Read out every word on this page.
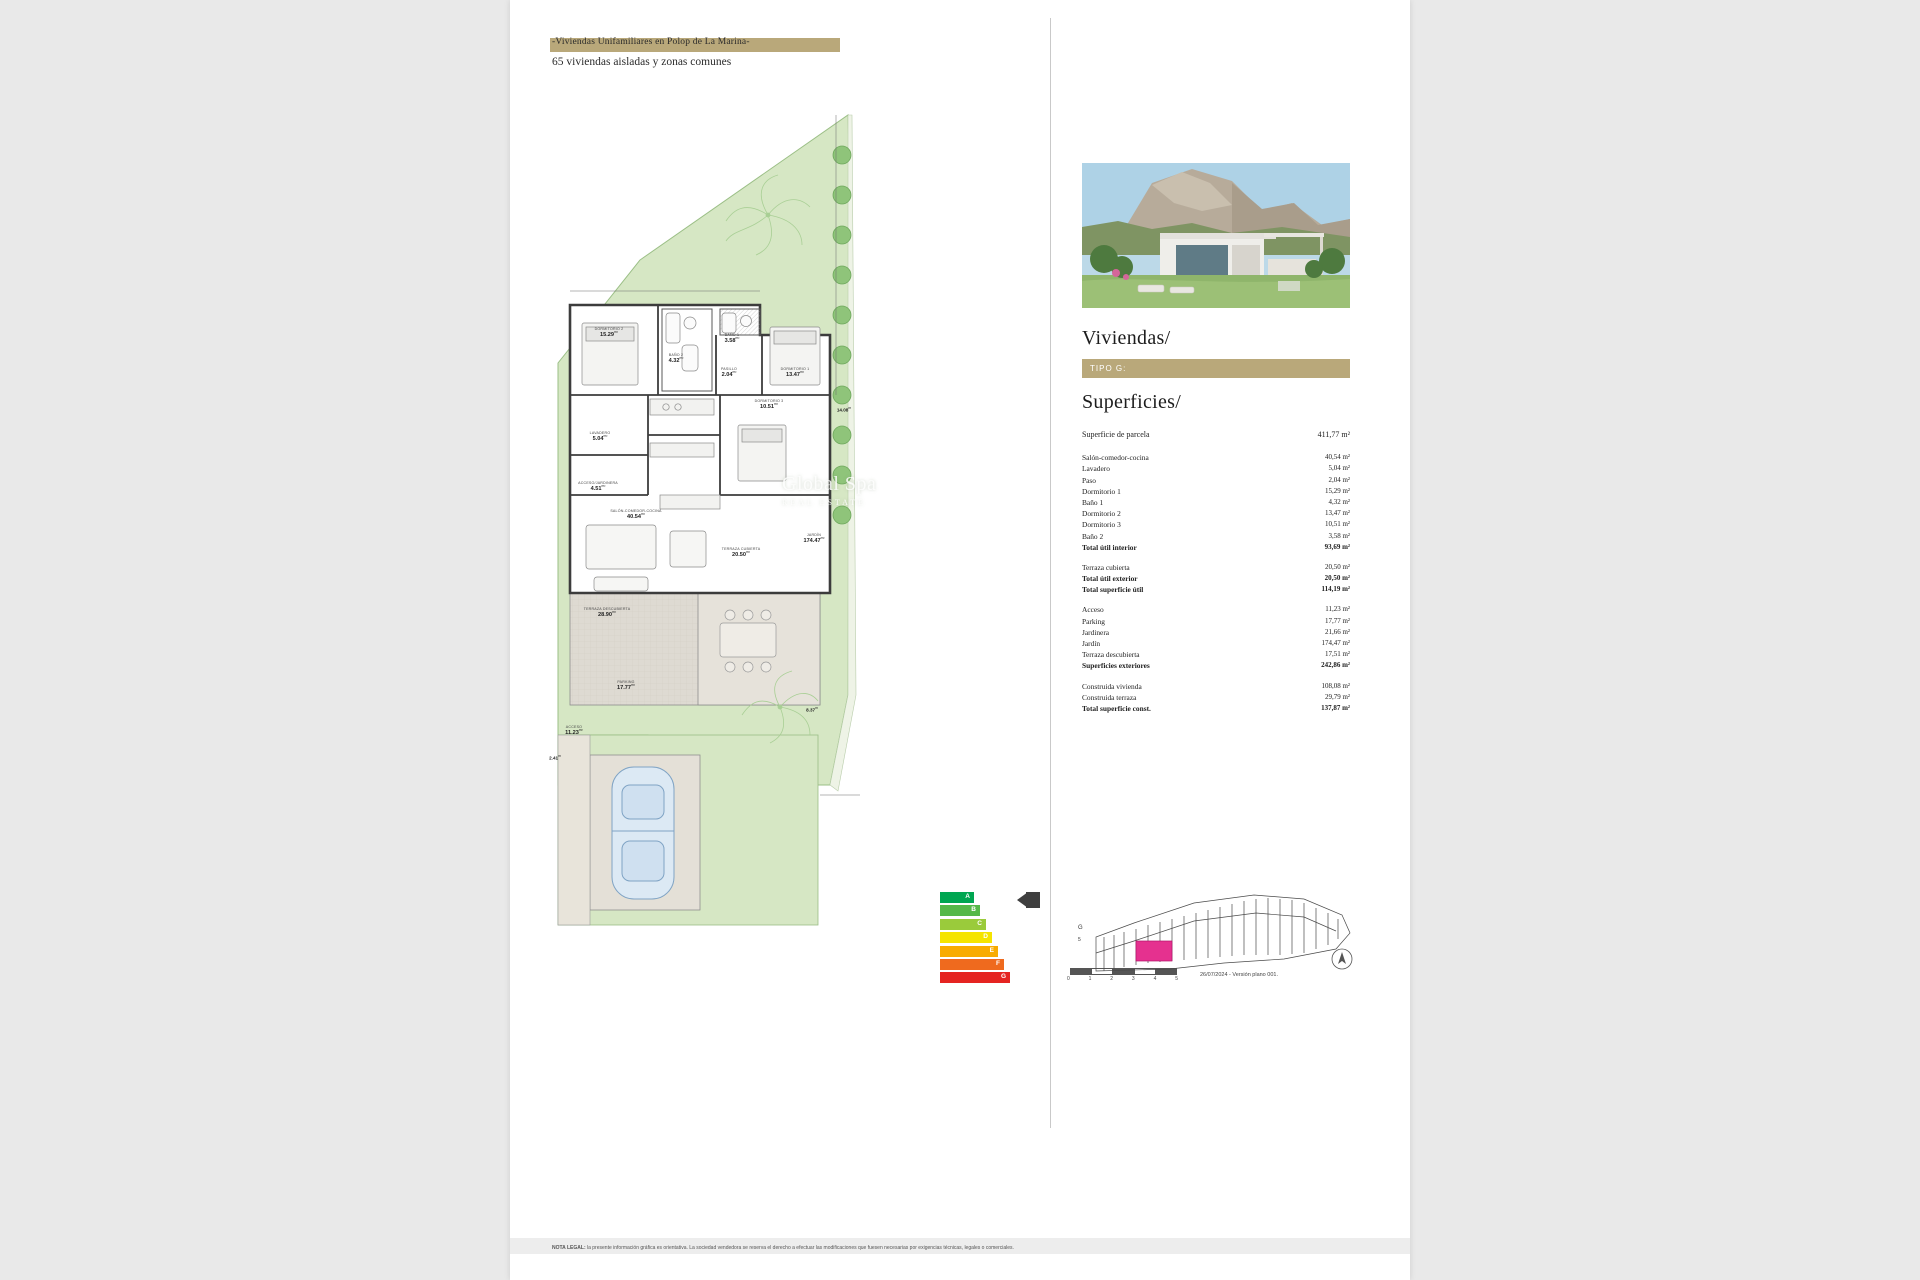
-Viviendas Unifamiliares en Polop de La Marina-
65 viviendas aisladas y zonas comunes
DORMITORIO 2
$15.29^{m^2}$
BAÑO 2
$4.32^{m^2}$
BAÑO 1
$3.58^{m^2}$
PASILLO
$2.04^{m^2}$
DORMITORIO 1
$13.47^{m^2}$
DORMITORIO 3
$10.51^{m^2}$
LAVADERO
$5.04^{m^2}$
ACCESO/JARDINERA
$4.51^{m^2}$
SALÓN-COMEDOR-COCINA
$40.54^{m^2}$
TERRAZA CUBIERTA
$20.50^{m^2}$
TERRAZA DESCUBIERTA
$28.90^{m^2}$
PARKING
$17.77^{m^2}$
ACCESO
$11.23^{m^2}$
JARDÍN
$174.47^{m^2}$
14.08$^m$
8.37$^m$
2.41$^m$
Global Spa
REAL ESTATE
A
B
C
D
E
F
G	0	1	2	3	4	5
26/07/2024 - Versión plano 001.
Viviendas/
TIPO G:
Superficies/
Superficie de parcela	411,77 m²

Salón-comedor-cocina	40,54 m²
Lavadero	5,04 m²
Paso	2,04 m²
Dormitorio 1	15,29 m²
Baño 1	4,32 m²
Dormitorio 2	13,47 m²
Dormitorio 3	10,51 m²
Baño 2	3,58 m²
Total útil interior	93,69 m²

Terraza cubierta	20,50 m²
Total útil exterior	20,50 m²
Total superficie útil	114,19 m²

Acceso	11,23 m²
Parking	17,77 m²
Jardinera	21,66 m²
Jardín	174,47 m²
Terraza descubierta	17,51 m²
Superficies exteriores	242,86 m²

Construida vivienda	108,08 m²
Construida terraza	29,79 m²
Total superficie const.	137,87 m²
G
5
NOTA LEGAL: la presente información gráfica es orientativa. La sociedad vendedora se reserva el derecho a efectuar las modificaciones que fuesen necesarias por exigencias técnicas, legales o comerciales.
